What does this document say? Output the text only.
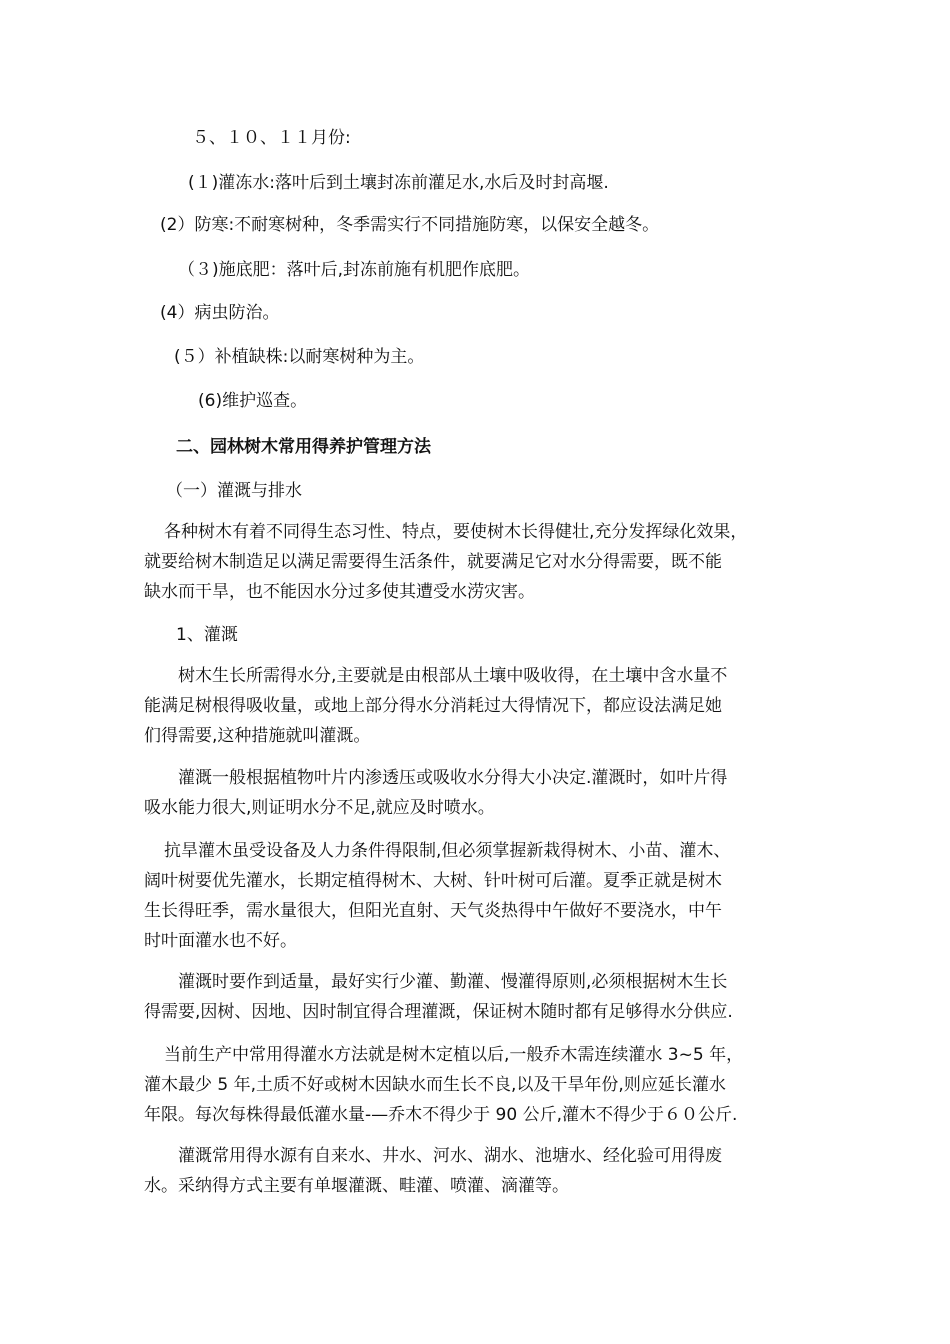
５、１０、１１月份:
(１)灌冻水:落叶后到土壤封冻前灌足水,水后及时封高堰.
(2）防寒:不耐寒树种，冬季需实行不同措施防寒，以保安全越冬。
（３)施底肥：落叶后,封冻前施有机肥作底肥。
(4）病虫防治。
(５）补植缺株:以耐寒树种为主。
(6)维护巡查。
二、园林树木常用得养护管理方法
（一）灌溉与排水
各种树木有着不同得生态习性、特点，要使树木长得健壮,充分发挥绿化效果，
就要给树木制造足以满足需要得生活条件，就要满足它对水分得需要，既不能
缺水而干旱，也不能因水分过多使其遭受水涝灾害。
1、灌溉
树木生长所需得水分,主要就是由根部从土壤中吸收得，在土壤中含水量不
能满足树根得吸收量，或地上部分得水分消耗过大得情况下，都应设法满足她
们得需要,这种措施就叫灌溉。
灌溉一般根据植物叶片内渗透压或吸收水分得大小决定.灌溉时，如叶片得
吸水能力很大,则证明水分不足,就应及时喷水。
抗旱灌木虽受设备及人力条件得限制,但必须掌握新栽得树木、小苗、灌木、
阔叶树要优先灌水，长期定植得树木、大树、针叶树可后灌。夏季正就是树木
生长得旺季，需水量很大，但阳光直射、天气炎热得中午做好不要浇水，中午
时叶面灌水也不好。
灌溉时要作到适量，最好实行少灌、勤灌、慢灌得原则,必须根据树木生长
得需要,因树、因地、因时制宜得合理灌溉，保证树木随时都有足够得水分供应.
当前生产中常用得灌水方法就是树木定植以后,一般乔木需连续灌水 3~5 年，
灌木最少 5 年,土质不好或树木因缺水而生长不良,以及干旱年份,则应延长灌水
年限。每次每株得最低灌水量-—乔木不得少于 90 公斤,灌木不得少于６０公斤.
灌溉常用得水源有自来水、井水、河水、湖水、池塘水、经化验可用得废
水。采纳得方式主要有单堰灌溉、畦灌、喷灌、滴灌等。
